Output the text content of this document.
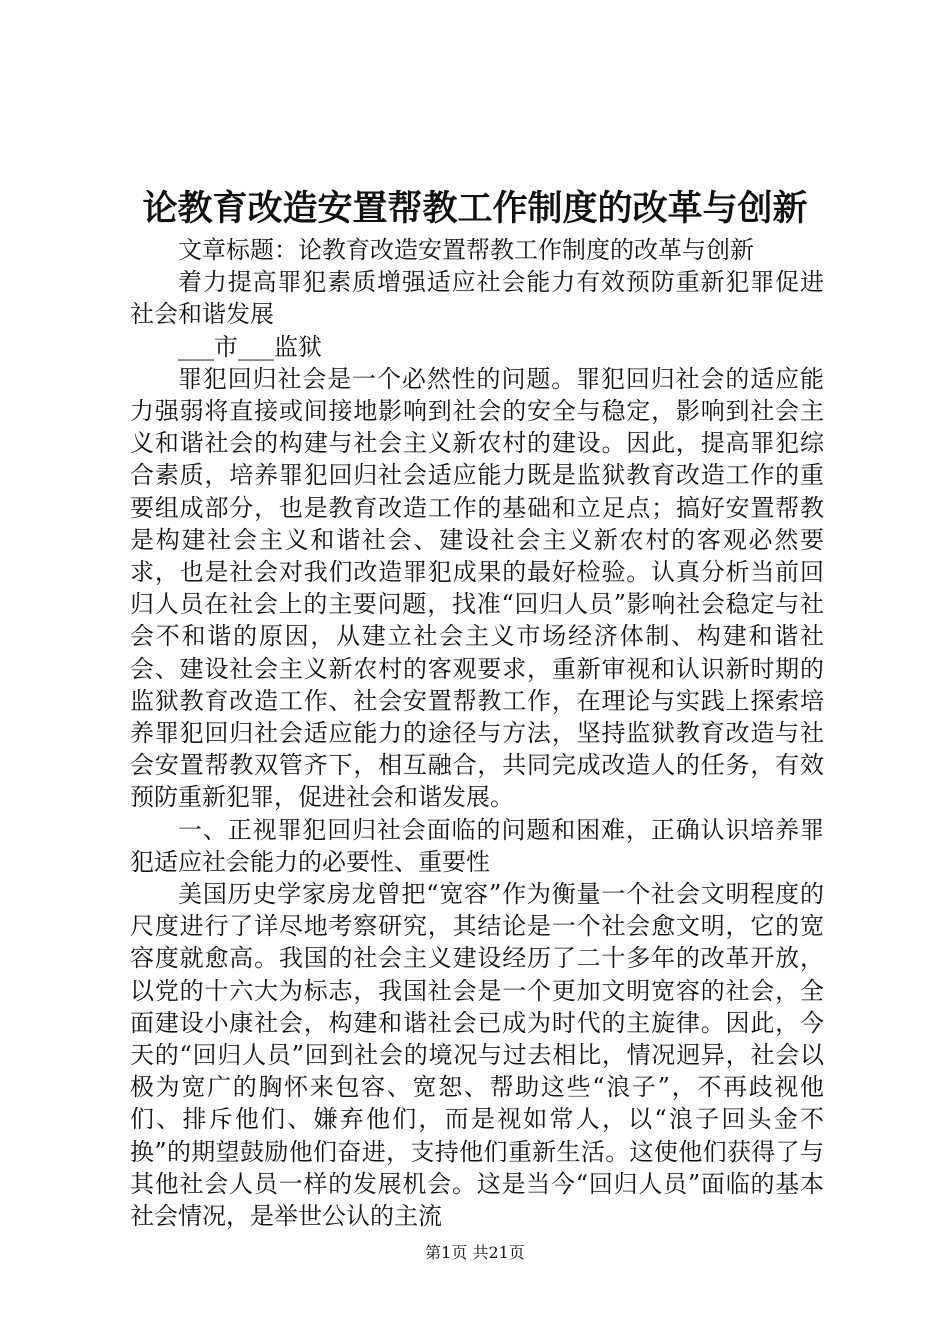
论教育改造安置帮教工作制度的改革与创新

文章标题：论教育改造安置帮教工作制度的改革与创新

着力提高罪犯素质增强适应社会能力有效预防重新犯罪促进社会和谐发展

___市___监狱

罪犯回归社会是一个必然性的问题。罪犯回归社会的适应能力强弱将直接或间接地影响到社会的安全与稳定，影响到社会主义和谐社会的构建与社会主义新农村的建设。因此，提高罪犯综合素质，培养罪犯回归社会适应能力既是监狱教育改造工作的重要组成部分，也是教育改造工作的基础和立足点；搞好安置帮教是构建社会主义和谐社会、建设社会主义新农村的客观必然要求，也是社会对我们改造罪犯成果的最好检验。认真分析当前回归人员在社会上的主要问题，找准“回归人员”影响社会稳定与社会不和谐的原因，从建立社会主义市场经济体制、构建和谐社会、建设社会主义新农村的客观要求，重新审视和认识新时期的监狱教育改造工作、社会安置帮教工作，在理论与实践上探索培养罪犯回归社会适应能力的途径与方法，坚持监狱教育改造与社会安置帮教双管齐下，相互融合，共同完成改造人的任务，有效预防重新犯罪，促进社会和谐发展。

一、正视罪犯回归社会面临的问题和困难，正确认识培养罪犯适应社会能力的必要性、重要性

美国历史学家房龙曾把“宽容”作为衡量一个社会文明程度的尺度进行了详尽地考察研究，其结论是一个社会愈文明，它的宽容度就愈高。我国的社会主义建设经历了二十多年的改革开放，以党的十六大为标志，我国社会是一个更加文明宽容的社会，全面建设小康社会，构建和谐社会已成为时代的主旋律。因此，今天的“回归人员”回到社会的境况与过去相比，情况迥异，社会以极为宽广的胸怀来包容、宽恕、帮助这些“浪子”，不再歧视他们、排斥他们、嫌弃他们，而是视如常人，以“浪子回头金不换”的期望鼓励他们奋进，支持他们重新生活。这使他们获得了与其他社会人员一样的发展机会。这是当今“回归人员”面临的基本社会情况，是举世公认的主流

第1页 共21页
